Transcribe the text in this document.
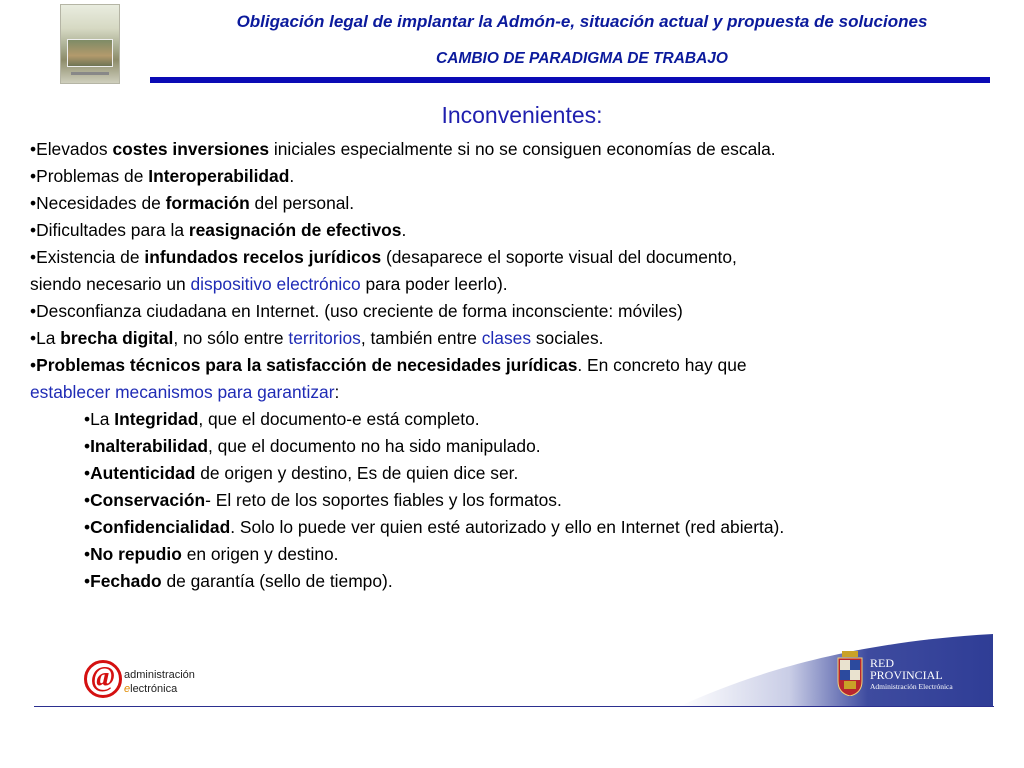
Obligación legal de implantar la Admón-e, situación actual y propuesta de soluciones
CAMBIO DE PARADIGMA DE TRABAJO
Inconvenientes:
•Elevados costes inversiones iniciales especialmente si no se consiguen economías de escala.
•Problemas de Interoperabilidad.
•Necesidades de formación del personal.
•Dificultades para la reasignación de efectivos.
•Existencia de infundados recelos jurídicos (desaparece el soporte visual del documento,
siendo necesario un dispositivo electrónico para poder leerlo).
•Desconfianza ciudadana en Internet. (uso creciente de forma inconsciente: móviles)
•La brecha digital, no sólo entre territorios, también entre clases sociales.
•Problemas técnicos para la satisfacción de necesidades jurídicas. En concreto hay que
establecer mecanismos para garantizar:
•La Integridad, que el documento-e está completo.
•Inalterabilidad, que el documento no ha sido manipulado.
•Autenticidad de origen y destino, Es de quien dice ser.
•Conservación- El reto de los soportes fiables y los formatos.
•Confidencialidad. Solo lo puede ver quien esté autorizado y ello en Internet (red abierta).
•No repudio en origen y destino.
•Fechado de garantía (sello de tiempo).
@ administración
electrónica
RED
PROVINCIAL
Administración Electrónica
